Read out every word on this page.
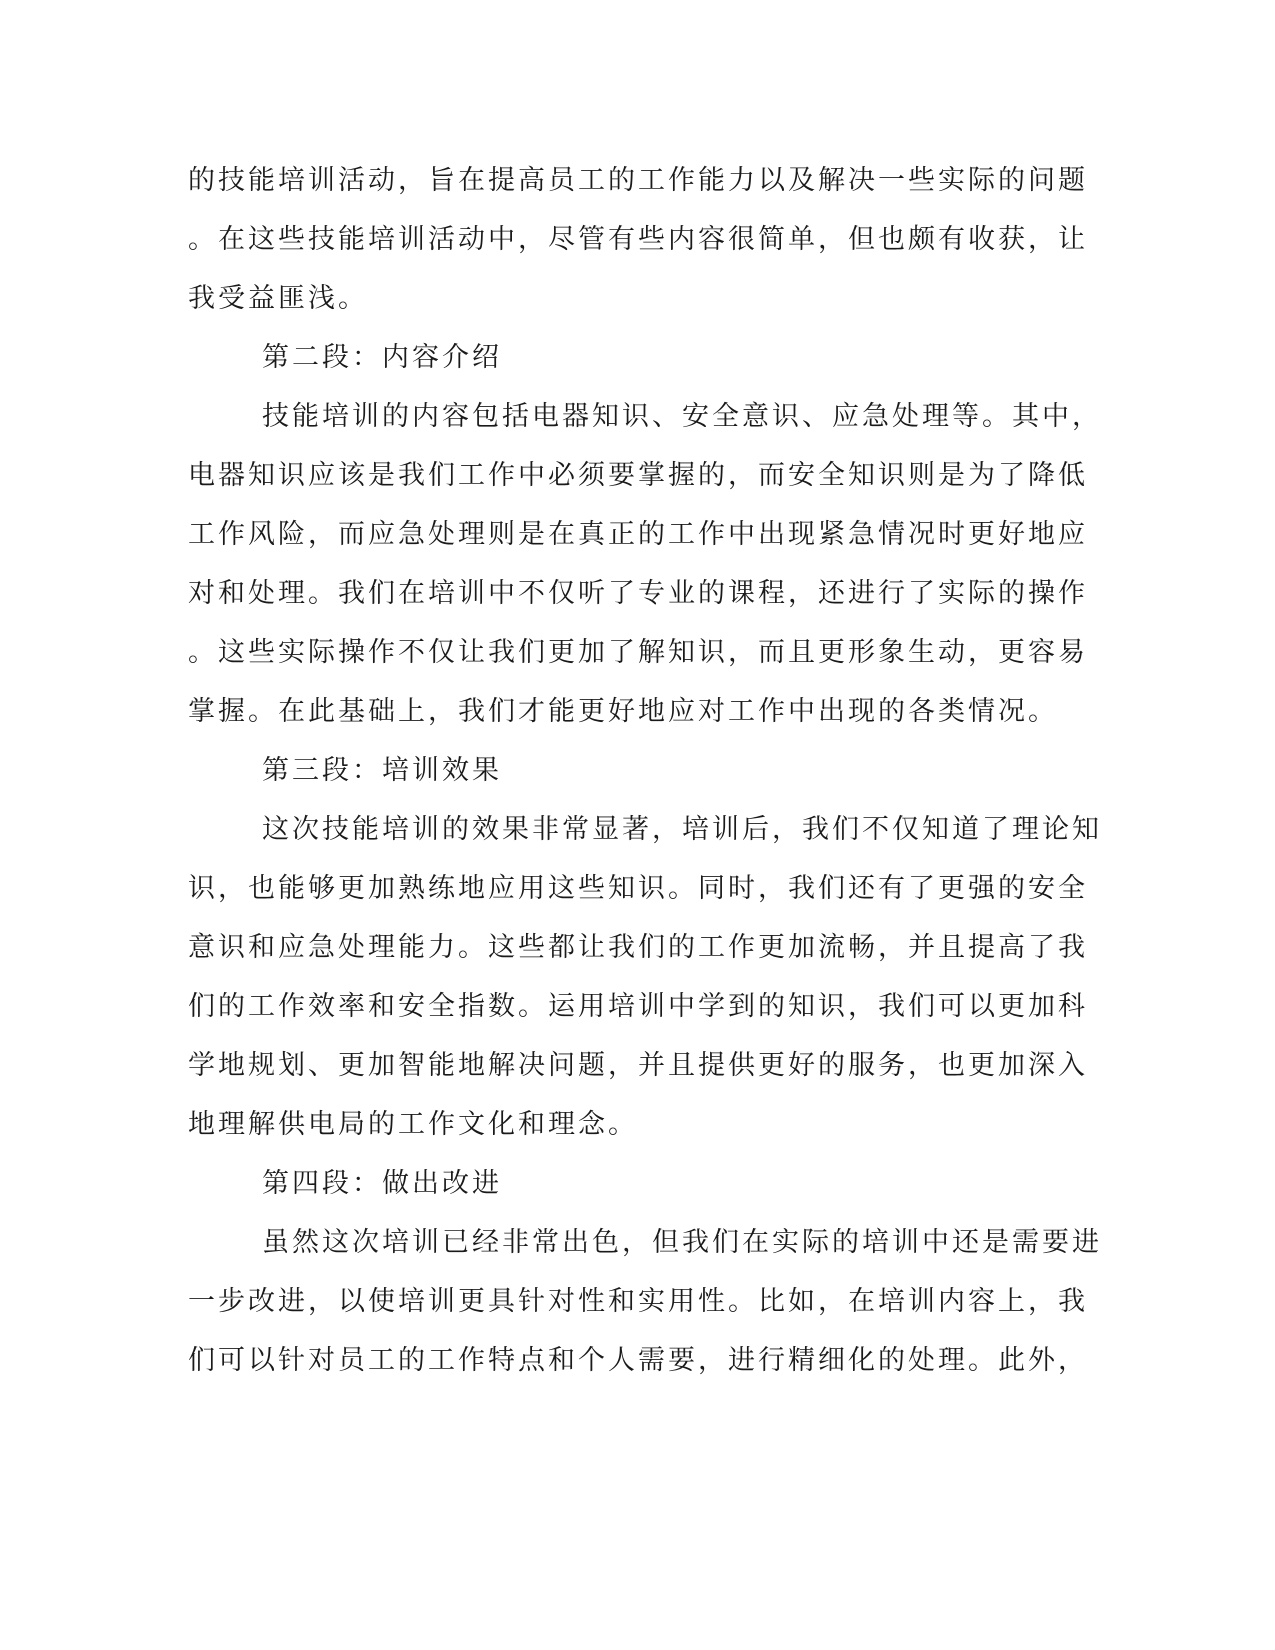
的技能培训活动，旨在提高员工的工作能力以及解决一些实际的问题
。在这些技能培训活动中，尽管有些内容很简单，但也颇有收获，让
我受益匪浅。
第二段：内容介绍
技能培训的内容包括电器知识、安全意识、应急处理等。其中，
电器知识应该是我们工作中必须要掌握的，而安全知识则是为了降低
工作风险，而应急处理则是在真正的工作中出现紧急情况时更好地应
对和处理。我们在培训中不仅听了专业的课程，还进行了实际的操作
。这些实际操作不仅让我们更加了解知识，而且更形象生动，更容易
掌握。在此基础上，我们才能更好地应对工作中出现的各类情况。
第三段：培训效果
这次技能培训的效果非常显著，培训后，我们不仅知道了理论知
识，也能够更加熟练地应用这些知识。同时，我们还有了更强的安全
意识和应急处理能力。这些都让我们的工作更加流畅，并且提高了我
们的工作效率和安全指数。运用培训中学到的知识，我们可以更加科
学地规划、更加智能地解决问题，并且提供更好的服务，也更加深入
地理解供电局的工作文化和理念。
第四段：做出改进
虽然这次培训已经非常出色，但我们在实际的培训中还是需要进
一步改进，以使培训更具针对性和实用性。比如，在培训内容上，我
们可以针对员工的工作特点和个人需要，进行精细化的处理。此外，
